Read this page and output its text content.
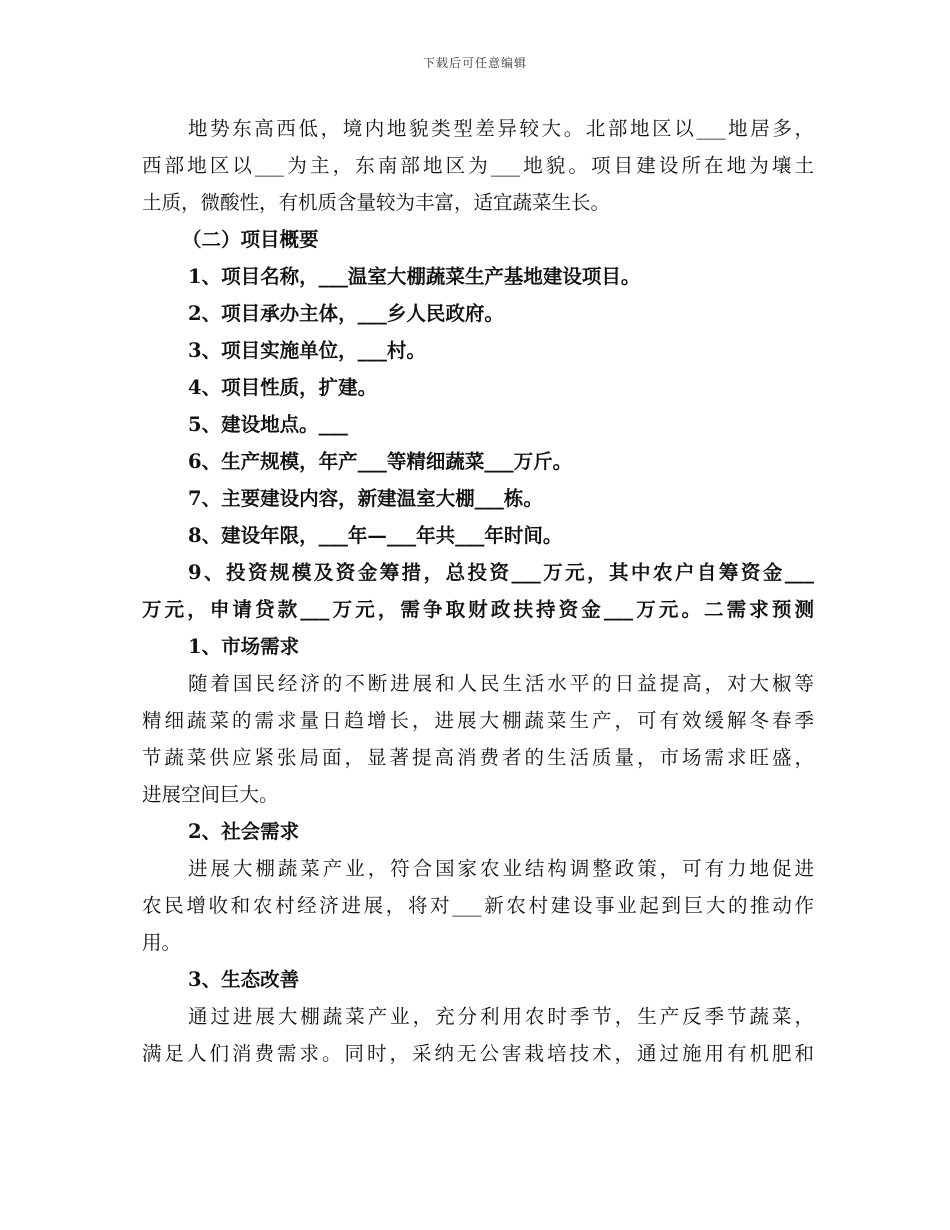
下载后可任意编辑
地势东高西低，境内地貌类型差异较大。北部地区以___地居多，
西部地区以___为主，东南部地区为___地貌。项目建设所在地为壤土
土质，微酸性，有机质含量较为丰富，适宜蔬菜生长。
（二）项目概要
1、项目名称，___温室大棚蔬菜生产基地建设项目。
2、项目承办主体，___乡人民政府。
3、项目实施单位，___村。
4、项目性质，扩建。
5、建设地点。___
6、生产规模，年产___等精细蔬菜___万斤。
7、主要建设内容，新建温室大棚___栋。
8、建设年限，___年—___年共___年时间。
9、投资规模及资金筹措，总投资___万元，其中农户自筹资金___
万元，申请贷款___万元，需争取财政扶持资金___万元。二需求预测
1、市场需求
随着国民经济的不断进展和人民生活水平的日益提高，对大椒等
精细蔬菜的需求量日趋增长，进展大棚蔬菜生产，可有效缓解冬春季
节蔬菜供应紧张局面，显著提高消费者的生活质量，市场需求旺盛，
进展空间巨大。
2、社会需求
进展大棚蔬菜产业，符合国家农业结构调整政策，可有力地促进
农民增收和农村经济进展，将对___新农村建设事业起到巨大的推动作
用。
3、生态改善
通过进展大棚蔬菜产业，充分利用农时季节，生产反季节蔬菜，
满足人们消费需求。同时，采纳无公害栽培技术，通过施用有机肥和
